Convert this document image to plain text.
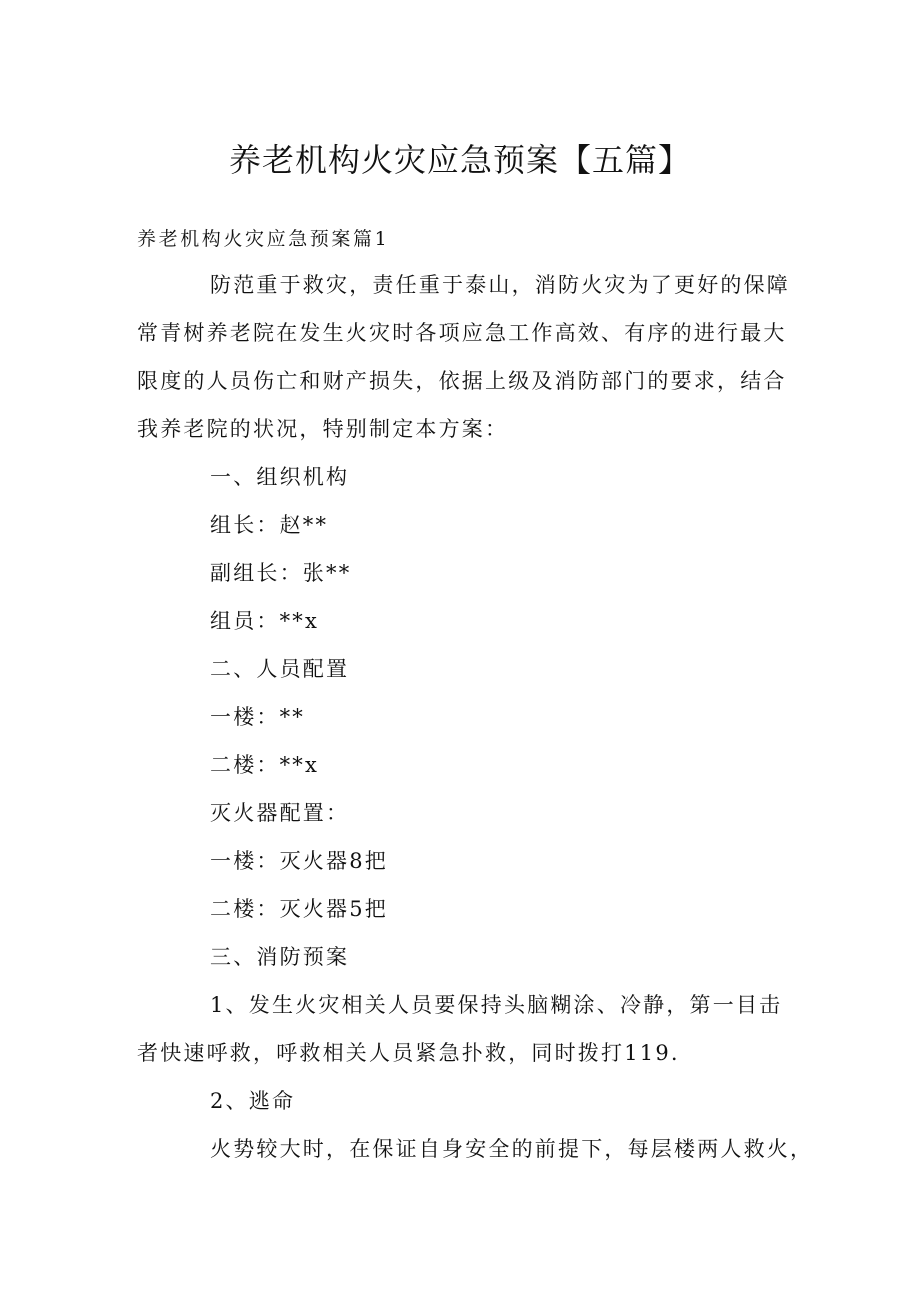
养老机构火灾应急预案【五篇】
养老机构火灾应急预案篇1
防范重于救灾，责任重于泰山，消防火灾为了更好的保障
常青树养老院在发生火灾时各项应急工作高效、有序的进行最大
限度的人员伤亡和财产损失，依据上级及消防部门的要求，结合
我养老院的状况，特别制定本方案：
一、组织机构
组长：赵**
副组长：张**
组员：**x
二、人员配置
一楼：**
二楼：**x
灭火器配置：
一楼：灭火器8把
二楼：灭火器5把
三、消防预案
1、发生火灾相关人员要保持头脑糊涂、冷静，第一目击
者快速呼救，呼救相关人员紧急扑救，同时拨打119.
2、逃命
火势较大时，在保证自身安全的前提下，每层楼两人救火，
